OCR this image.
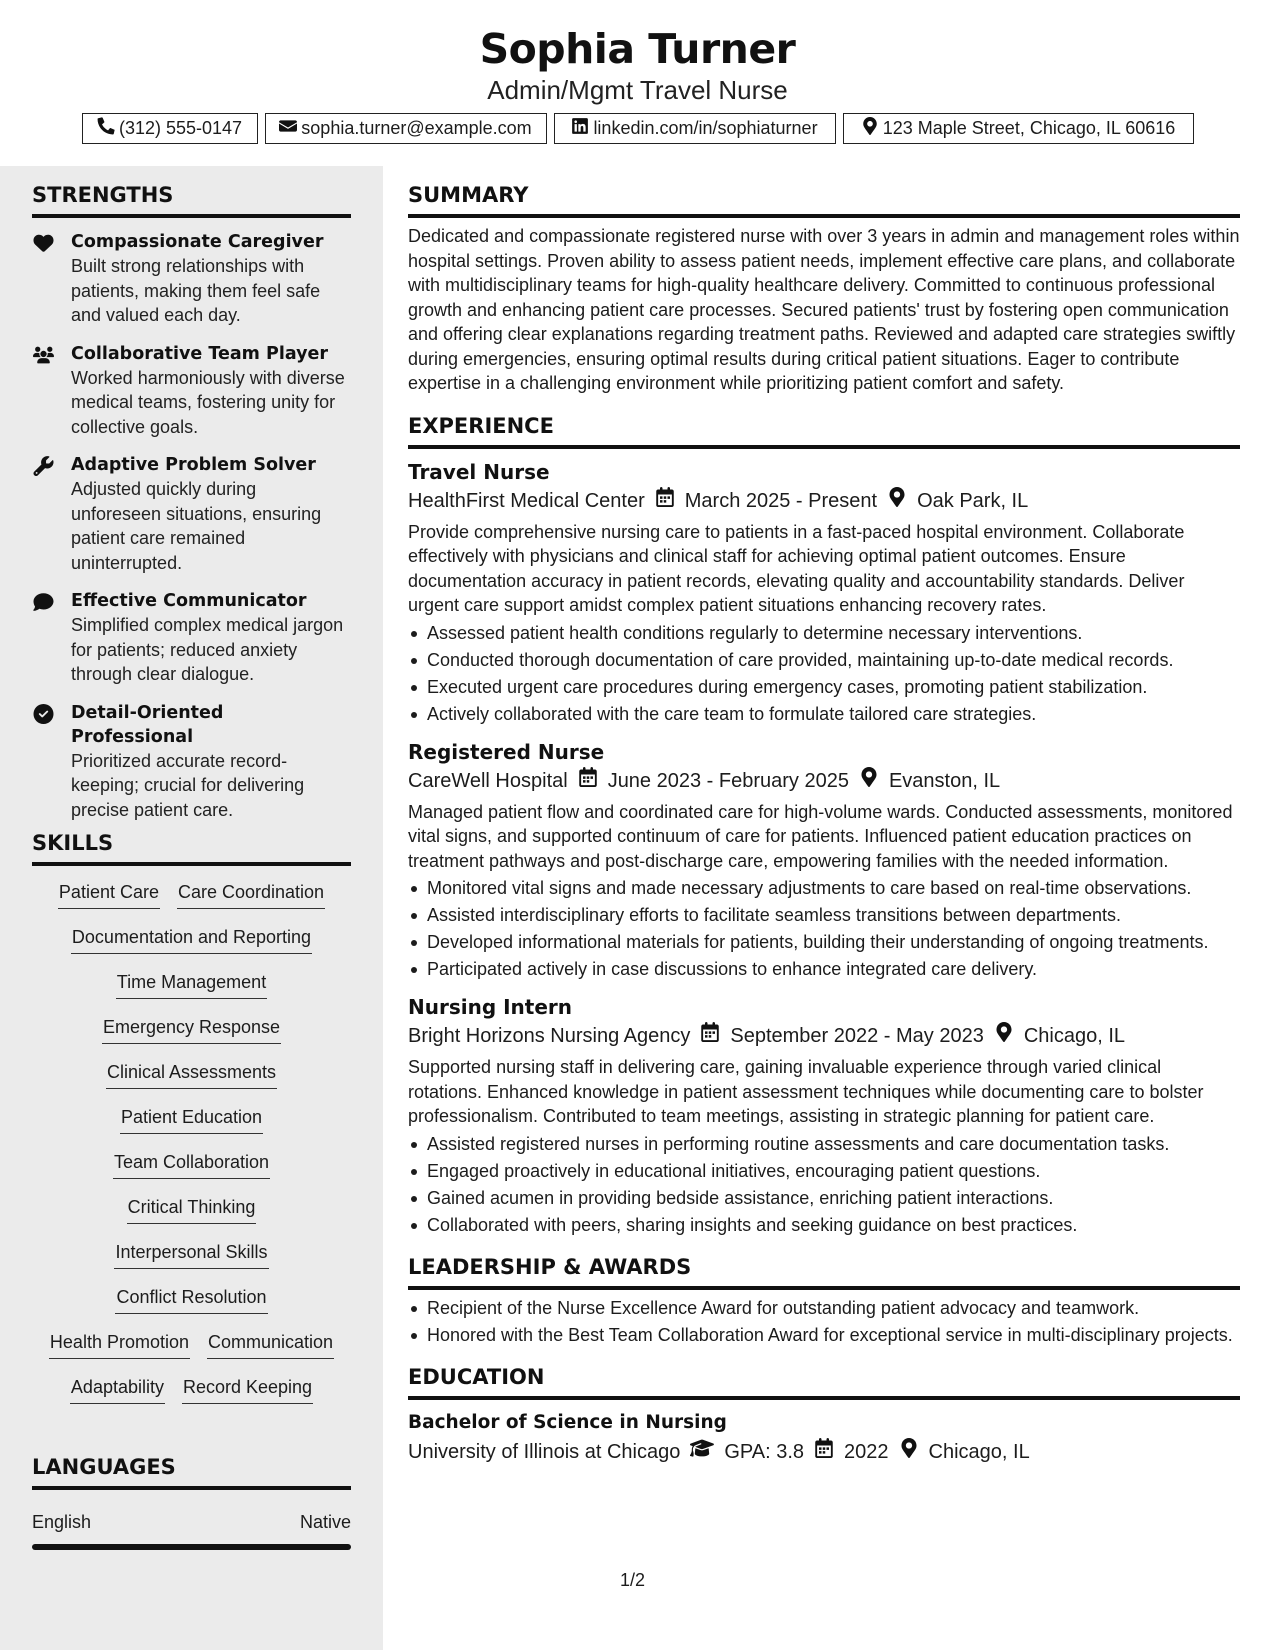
Sophia Turner
Admin/Mgmt Travel Nurse
(312) 555-0147	sophia.turner@example.com	linkedin.com/in/sophiaturner	123 Maple Street, Chicago, IL 60616
STRENGTHS
Compassionate Caregiver
Built strong relationships with patients, making them feel safe and valued each day.
Collaborative Team Player
Worked harmoniously with diverse medical teams, fostering unity for collective goals.
Adaptive Problem Solver
Adjusted quickly during unforeseen situations, ensuring patient care remained uninterrupted.
Effective Communicator
Simplified complex medical jargon for patients; reduced anxiety through clear dialogue.
Detail-Oriented Professional
Prioritized accurate record-keeping; crucial for delivering precise patient care.
SKILLS
Patient Care Care Coordination
Documentation and Reporting
Time Management
Emergency Response
Clinical Assessments
Patient Education
Team Collaboration
Critical Thinking
Interpersonal Skills
Conflict Resolution
Health Promotion Communication
Adaptability Record Keeping
LANGUAGES
English	Native
SUMMARY
Dedicated and compassionate registered nurse with over 3 years in admin and management roles within hospital settings. Proven ability to assess patient needs, implement effective care plans, and collaborate with multidisciplinary teams for high-quality healthcare delivery. Committed to continuous professional growth and enhancing patient care processes. Secured patients' trust by fostering open communication and offering clear explanations regarding treatment paths. Reviewed and adapted care strategies swiftly during emergencies, ensuring optimal results during critical patient situations. Eager to contribute expertise in a challenging environment while prioritizing patient comfort and safety.
EXPERIENCE
Travel Nurse
HealthFirst Medical Center March 2025 - Present Oak Park, IL
Provide comprehensive nursing care to patients in a fast-paced hospital environment. Collaborate effectively with physicians and clinical staff for achieving optimal patient outcomes. Ensure documentation accuracy in patient records, elevating quality and accountability standards. Deliver urgent care support amidst complex patient situations enhancing recovery rates.
Assessed patient health conditions regularly to determine necessary interventions.
Conducted thorough documentation of care provided, maintaining up-to-date medical records.
Executed urgent care procedures during emergency cases, promoting patient stabilization.
Actively collaborated with the care team to formulate tailored care strategies.
Registered Nurse
CareWell Hospital June 2023 - February 2025 Evanston, IL
Managed patient flow and coordinated care for high-volume wards. Conducted assessments, monitored vital signs, and supported continuum of care for patients. Influenced patient education practices on treatment pathways and post-discharge care, empowering families with the needed information.
Monitored vital signs and made necessary adjustments to care based on real-time observations.
Assisted interdisciplinary efforts to facilitate seamless transitions between departments.
Developed informational materials for patients, building their understanding of ongoing treatments.
Participated actively in case discussions to enhance integrated care delivery.
Nursing Intern
Bright Horizons Nursing Agency September 2022 - May 2023 Chicago, IL
Supported nursing staff in delivering care, gaining invaluable experience through varied clinical rotations. Enhanced knowledge in patient assessment techniques while documenting care to bolster professionalism. Contributed to team meetings, assisting in strategic planning for patient care.
Assisted registered nurses in performing routine assessments and care documentation tasks.
Engaged proactively in educational initiatives, encouraging patient questions.
Gained acumen in providing bedside assistance, enriching patient interactions.
Collaborated with peers, sharing insights and seeking guidance on best practices.
LEADERSHIP & AWARDS
Recipient of the Nurse Excellence Award for outstanding patient advocacy and teamwork.
Honored with the Best Team Collaboration Award for exceptional service in multi-disciplinary projects.
EDUCATION
Bachelor of Science in Nursing
University of Illinois at Chicago GPA: 3.8 2022 Chicago, IL
1/2
